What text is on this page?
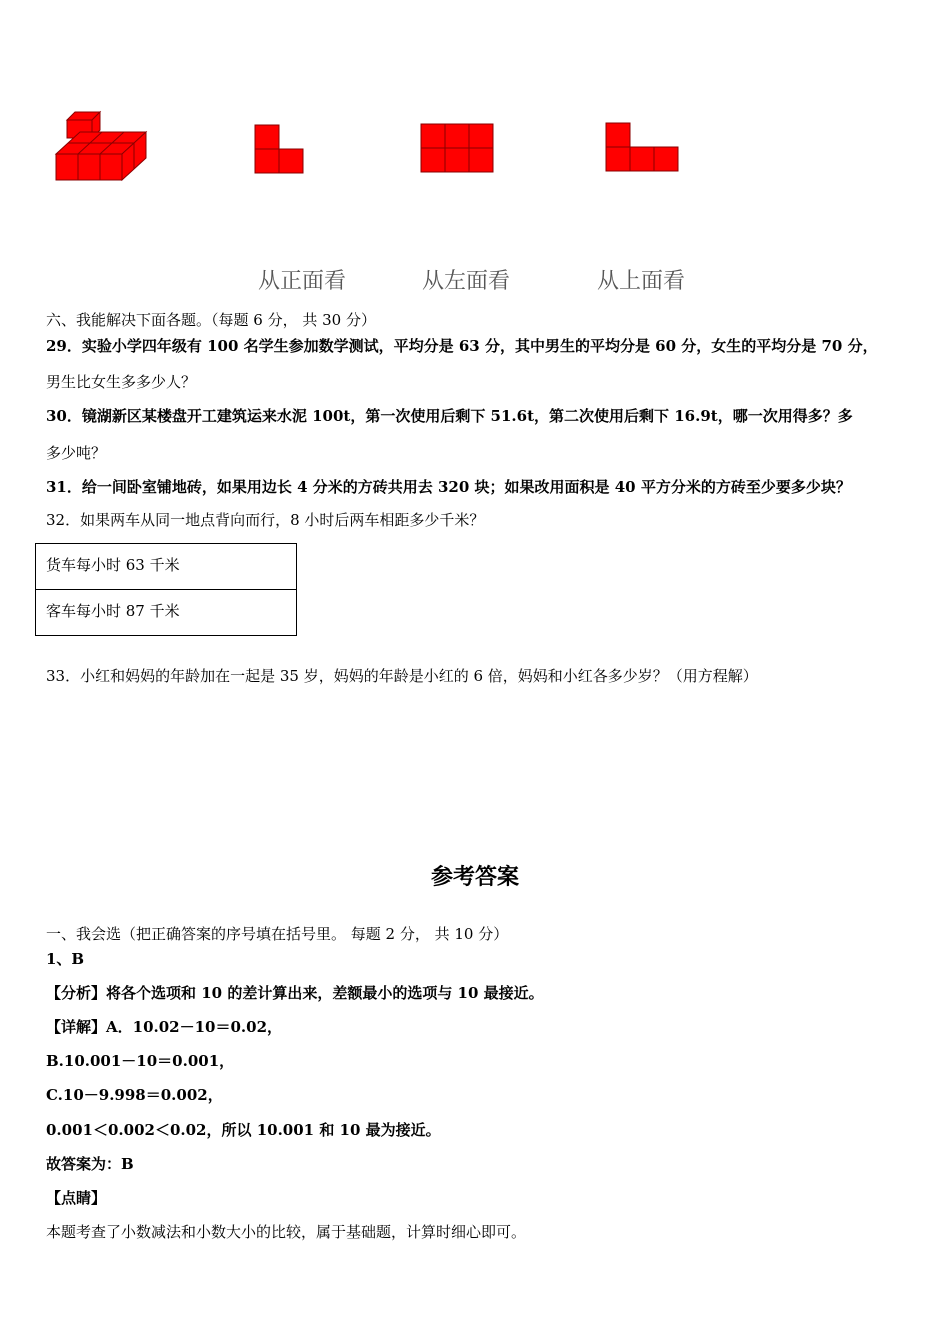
从正面看	从左面看	从上面看
六、我能解决下面各题。（每题 6 分， 共 30 分）
29．实验小学四年级有 100 名学生参加数学测试，平均分是 63 分，其中男生的平均分是 60 分，女生的平均分是 70 分，
男生比女生多多少人？
30．镜湖新区某楼盘开工建筑运来水泥 100t，第一次使用后剩下 51.6t，第二次使用后剩下 16.9t，哪一次用得多？多
多少吨？
31．给一间卧室铺地砖，如果用边长 4 分米的方砖共用去 320 块；如果改用面积是 40 平方分米的方砖至少要多少块？
32．如果两车从同一地点背向而行，8 小时后两车相距多少千米？
货车每小时 63 千米
客车每小时 87 千米
33．小红和妈妈的年龄加在一起是 35 岁，妈妈的年龄是小红的 6 倍，妈妈和小红各多少岁？（用方程解）
参考答案
一、我会选（把正确答案的序号填在括号里。 每题 2 分， 共 10 分）
1、B
【分析】将各个选项和 10 的差计算出来，差额最小的选项与 10 最接近。
【详解】A．10.02－10＝0.02，
B.10.001－10＝0.001，
C.10－9.998＝0.002，
0.001＜0.002＜0.02，所以 10.001 和 10 最为接近。
故答案为：B
【点睛】
本题考查了小数减法和小数大小的比较，属于基础题，计算时细心即可。
